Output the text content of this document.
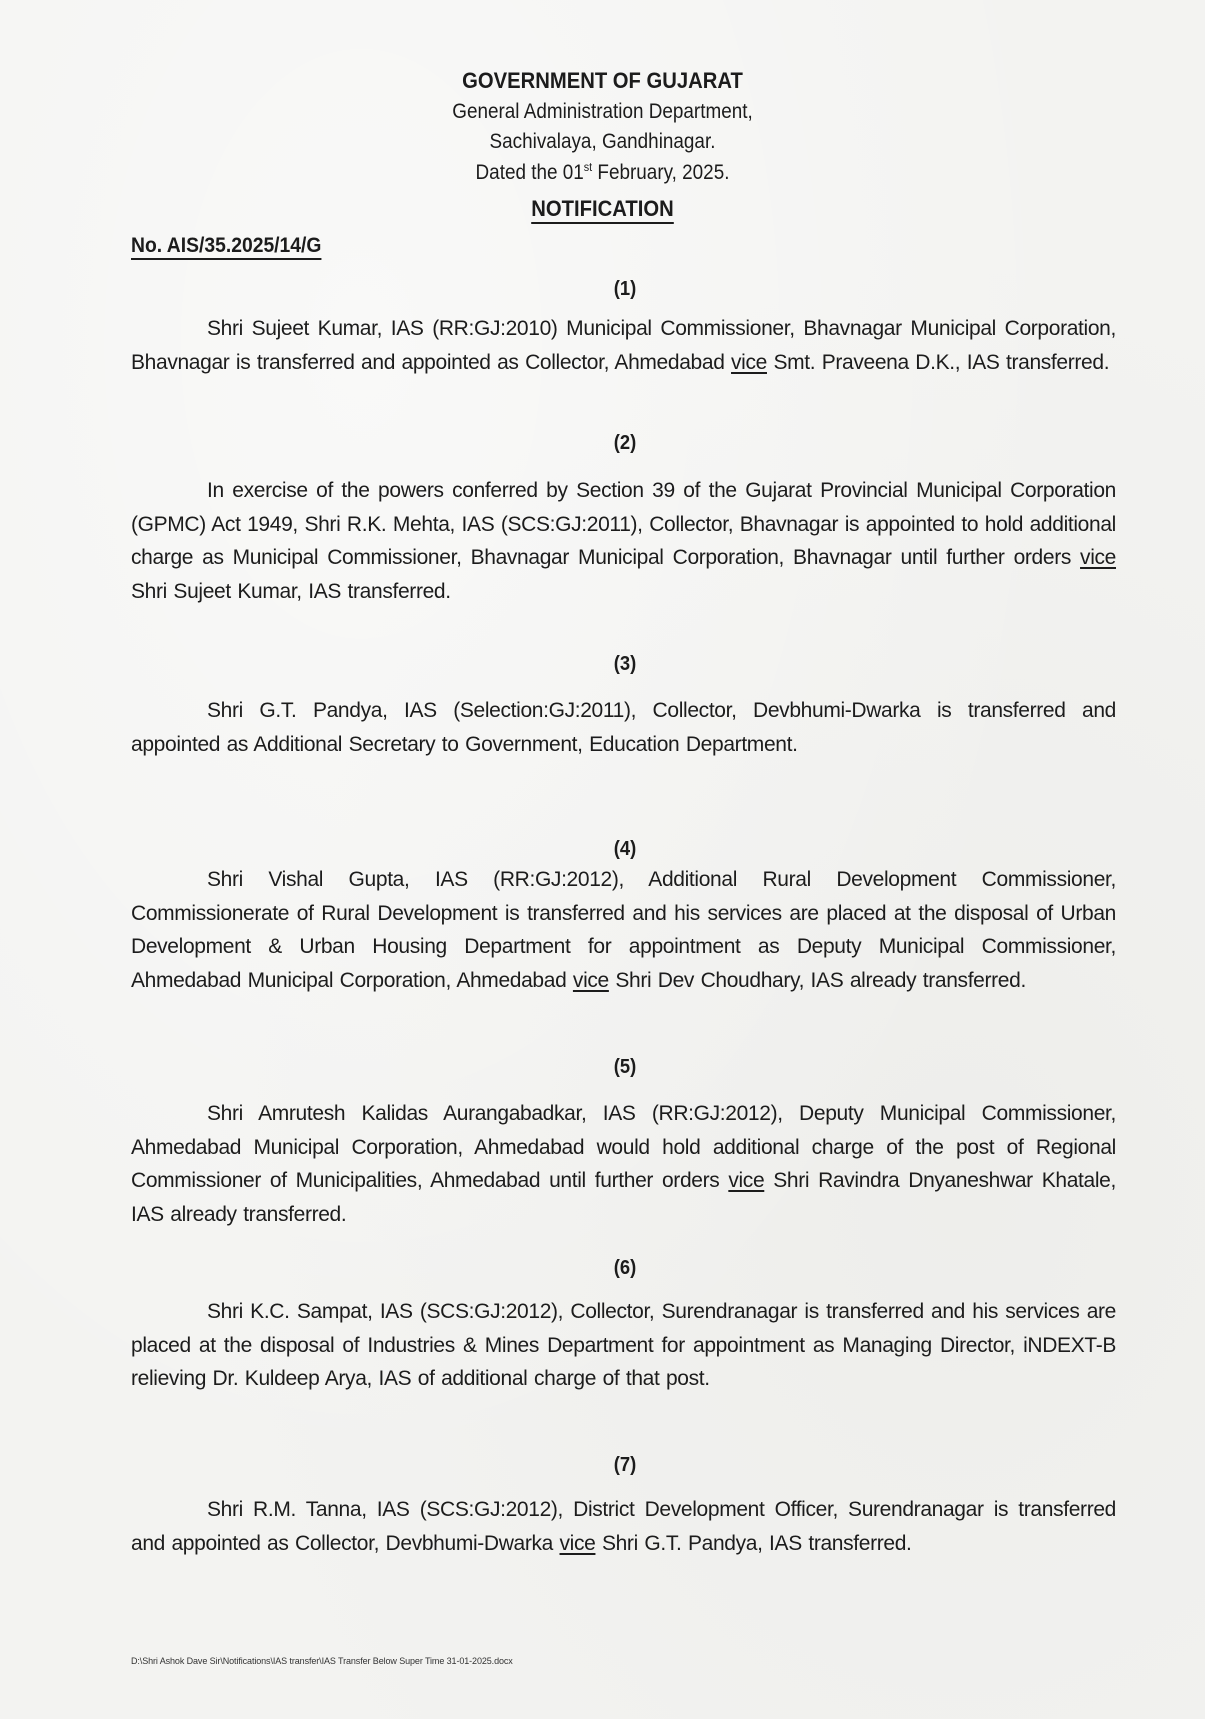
GOVERNMENT OF GUJARAT
General Administration Department,
Sachivalaya, Gandhinagar.
Dated the 01st February, 2025.
NOTIFICATION
No. AIS/35.2025/14/G
(1)
Shri Sujeet Kumar, IAS (RR:GJ:2010) Municipal Commissioner, Bhavnagar Municipal Corporation, Bhavnagar is transferred and appointed as Collector, Ahmedabad vice Smt. Praveena D.K., IAS transferred.
(2)
In exercise of the powers conferred by Section 39 of the Gujarat Provincial Municipal Corporation (GPMC) Act 1949, Shri R.K. Mehta, IAS (SCS:GJ:2011), Collector, Bhavnagar is appointed to hold additional charge as Municipal Commissioner, Bhavnagar Municipal Corporation, Bhavnagar until further orders vice Shri Sujeet Kumar, IAS transferred.
(3)
Shri G.T. Pandya, IAS (Selection:GJ:2011), Collector, Devbhumi-Dwarka is transferred and appointed as Additional Secretary to Government, Education Department.
(4)
Shri Vishal Gupta, IAS (RR:GJ:2012), Additional Rural Development Commissioner, Commissionerate of Rural Development is transferred and his services are placed at the disposal of Urban Development & Urban Housing Department for appointment as Deputy Municipal Commissioner, Ahmedabad Municipal Corporation, Ahmedabad vice Shri Dev Choudhary, IAS already transferred.
(5)
Shri Amrutesh Kalidas Aurangabadkar, IAS (RR:GJ:2012), Deputy Municipal Commissioner, Ahmedabad Municipal Corporation, Ahmedabad would hold additional charge of the post of Regional Commissioner of Municipalities, Ahmedabad until further orders vice Shri Ravindra Dnyaneshwar Khatale, IAS already transferred.
(6)
Shri K.C. Sampat, IAS (SCS:GJ:2012), Collector, Surendranagar is transferred and his services are placed at the disposal of Industries & Mines Department for appointment as Managing Director, iNDEXT-B relieving Dr. Kuldeep Arya, IAS of additional charge of that post.
(7)
Shri R.M. Tanna, IAS (SCS:GJ:2012), District Development Officer, Surendranagar is transferred and appointed as Collector, Devbhumi-Dwarka vice Shri G.T. Pandya, IAS transferred.
D:\Shri Ashok Dave Sir\Notifications\IAS transfer\IAS Transfer Below Super Time 31-01-2025.docx
